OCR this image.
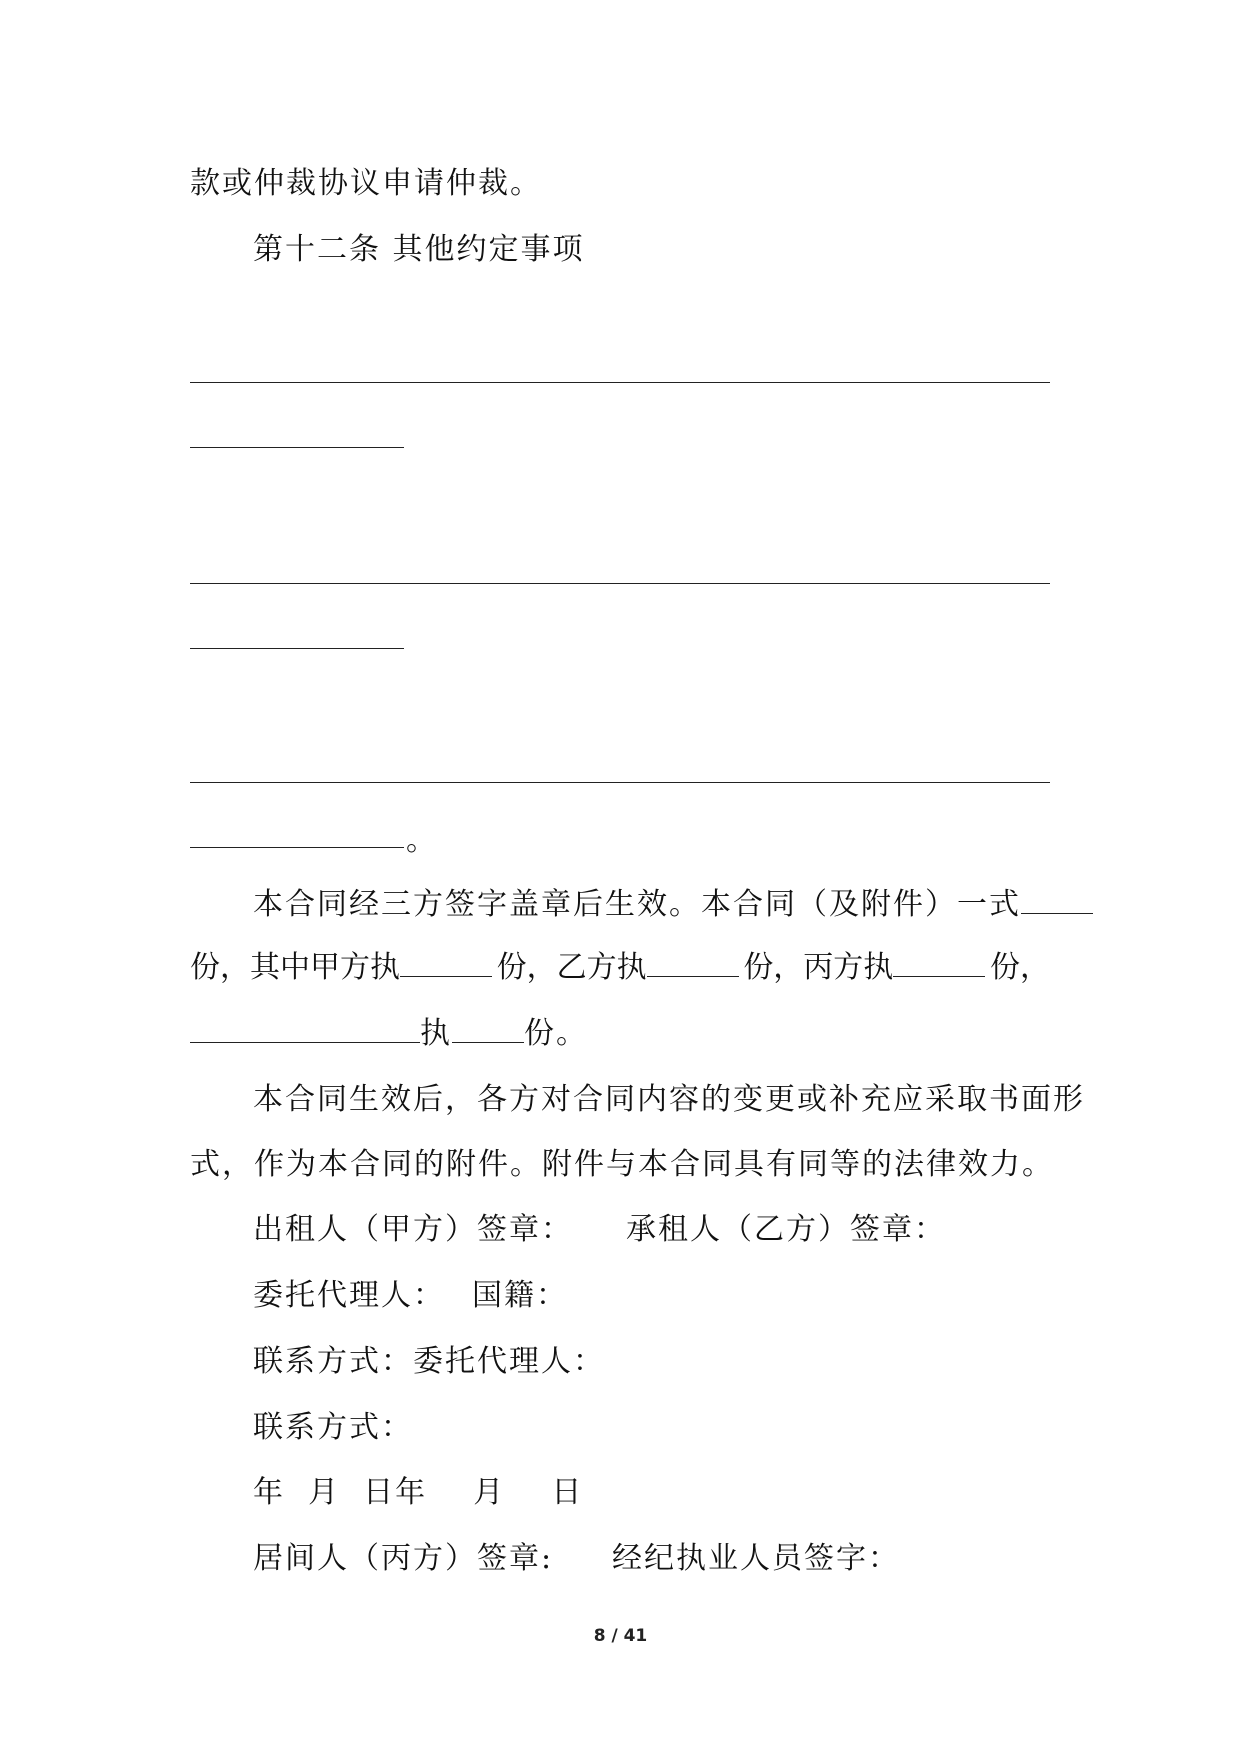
款或仲裁协议申请仲裁。
第十二条 其他约定事项
。
本合同经三方签字盖章后生效。本合同（及附件）一式
份，其中甲方执	份，乙方执	份，丙方执	份，
执 份。
本合同生效后，各方对合同内容的变更或补充应采取书面形
式，作为本合同的附件。附件与本合同具有同等的法律效力。
出租人（甲方）签章： 承租人（乙方）签章：
委托代理人： 国籍：
联系方式：委托代理人：
联系方式：
年  月  日年    月    日
居间人（丙方）签章: 经纪执业人员签字：
8 / 41
